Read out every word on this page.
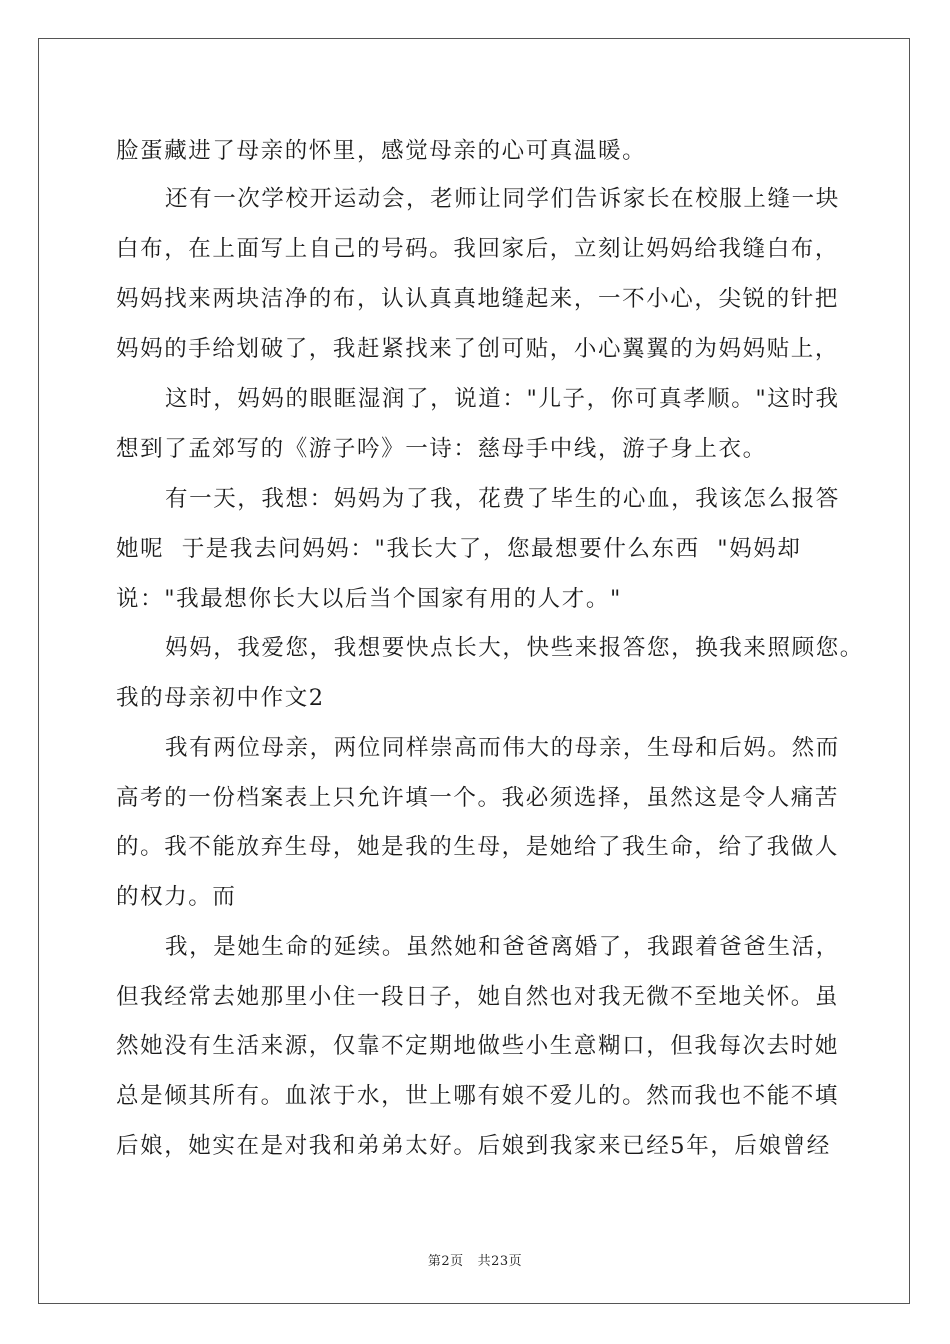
脸蛋藏进了母亲的怀里，感觉母亲的心可真温暖。
还有一次学校开运动会，老师让同学们告诉家长在校服上缝一块
白布，在上面写上自己的号码。我回家后，立刻让妈妈给我缝白布，
妈妈找来两块洁净的布，认认真真地缝起来，一不小心，尖锐的针把
妈妈的手给划破了，我赶紧找来了创可贴，小心翼翼的为妈妈贴上，
这时，妈妈的眼眶湿润了，说道："儿子，你可真孝顺。"这时我
想到了孟郊写的《游子吟》一诗：慈母手中线，游子身上衣。
有一天，我想：妈妈为了我，花费了毕生的心血，我该怎么报答
她呢  于是我去问妈妈："我长大了，您最想要什么东西  "妈妈却
说："我最想你长大以后当个国家有用的人才。"
妈妈，我爱您，我想要快点长大，快些来报答您，换我来照顾您。
我的母亲初中作文2
我有两位母亲，两位同样崇高而伟大的母亲，生母和后妈。然而
高考的一份档案表上只允许填一个。我必须选择，虽然这是令人痛苦
的。我不能放弃生母，她是我的生母，是她给了我生命，给了我做人
的权力。而
我，是她生命的延续。虽然她和爸爸离婚了，我跟着爸爸生活，
但我经常去她那里小住一段日子，她自然也对我无微不至地关怀。虽
然她没有生活来源，仅靠不定期地做些小生意糊口，但我每次去时她
总是倾其所有。血浓于水，世上哪有娘不爱儿的。然而我也不能不填
后娘，她实在是对我和弟弟太好。后娘到我家来已经5年，后娘曾经
第2页 共23页
